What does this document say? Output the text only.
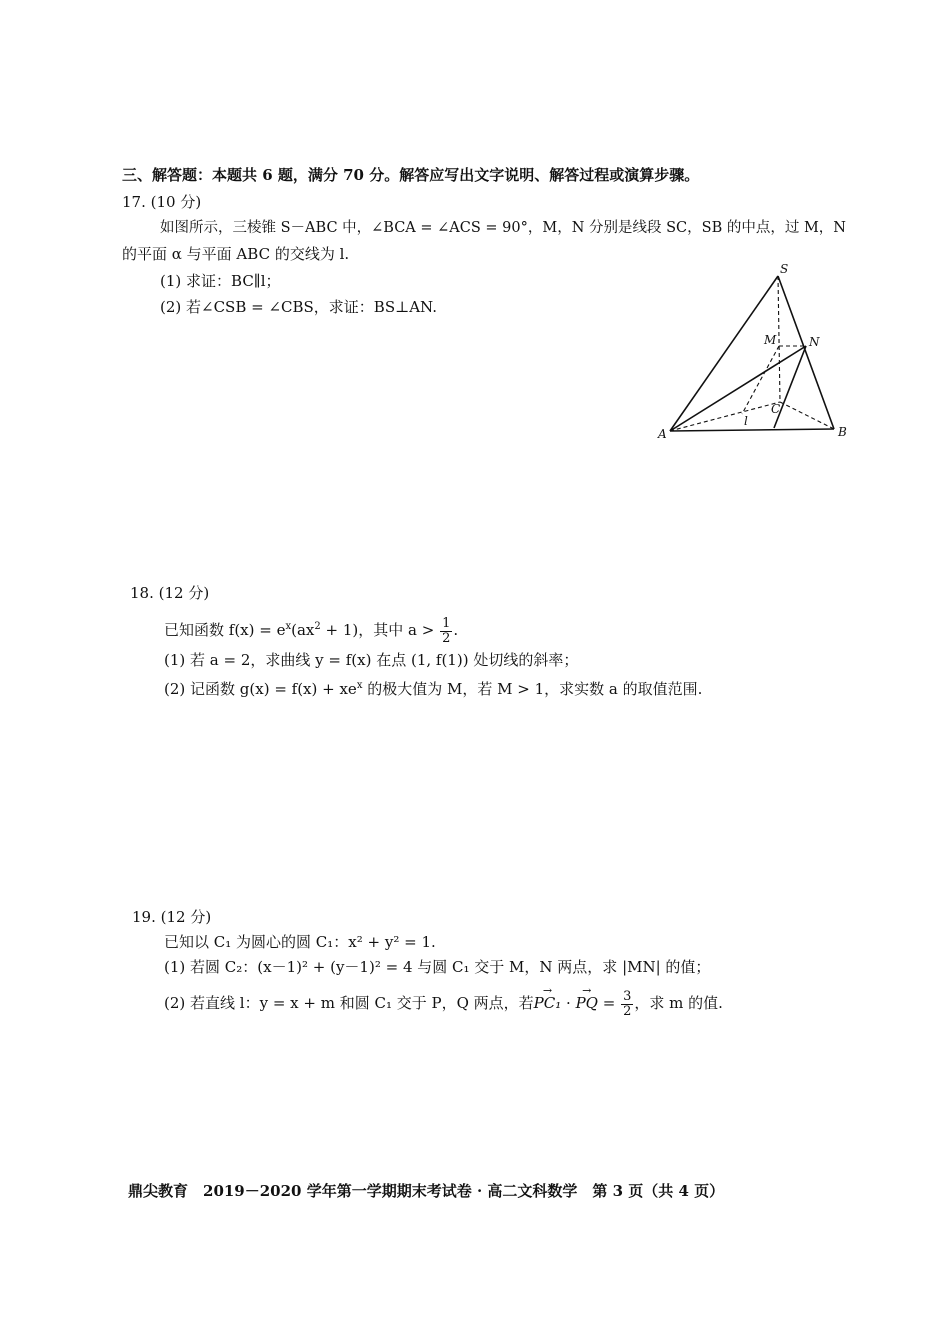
三、解答题：本题共 6 题，满分 70 分。解答应写出文字说明、解答过程或演算步骤。
17. (10 分)
如图所示，三棱锥 S－ABC 中，∠BCA = ∠ACS = 90°，M，N 分别是线段 SC，SB 的中点，过 M，N
的平面 α 与平面 ABC 的交线为 l.
(1) 求证：BC∥l；
(2) 若∠CSB = ∠CBS，求证：BS⊥AN.
S
M	N
A	B
C
l
18. (12 分)
已知函数 $f(x) = e^x(ax^2 + 1)$，其中 $a > \frac{1}{2}$ .
(1) 若 a = 2，求曲线 y = f(x) 在点 (1, f(1)) 处切线的斜率；
(2) 记函数 $g(x) = f(x) + xe^x$ 的极大值为 M，若 M > 1，求实数 a 的取值范围.
19. (12 分)
已知以 C₁ 为圆心的圆 C₁：x² + y² = 1.
(1) 若圆 C₂：(x－1)² + (y－1)² = 4 与圆 C₁ 交于 M，N 两点，求 |MN| 的值；
(2) 若直线 l：y = x + m 和圆 C₁ 交于 P，Q 两点，若→ PC₁ · → PQ = $\frac{3}{2}$ ，求 m 的值.
鼎尖教育　2019－2020 学年第一学期期末考试卷 · 高二文科数学　第 3 页（共 4 页）
